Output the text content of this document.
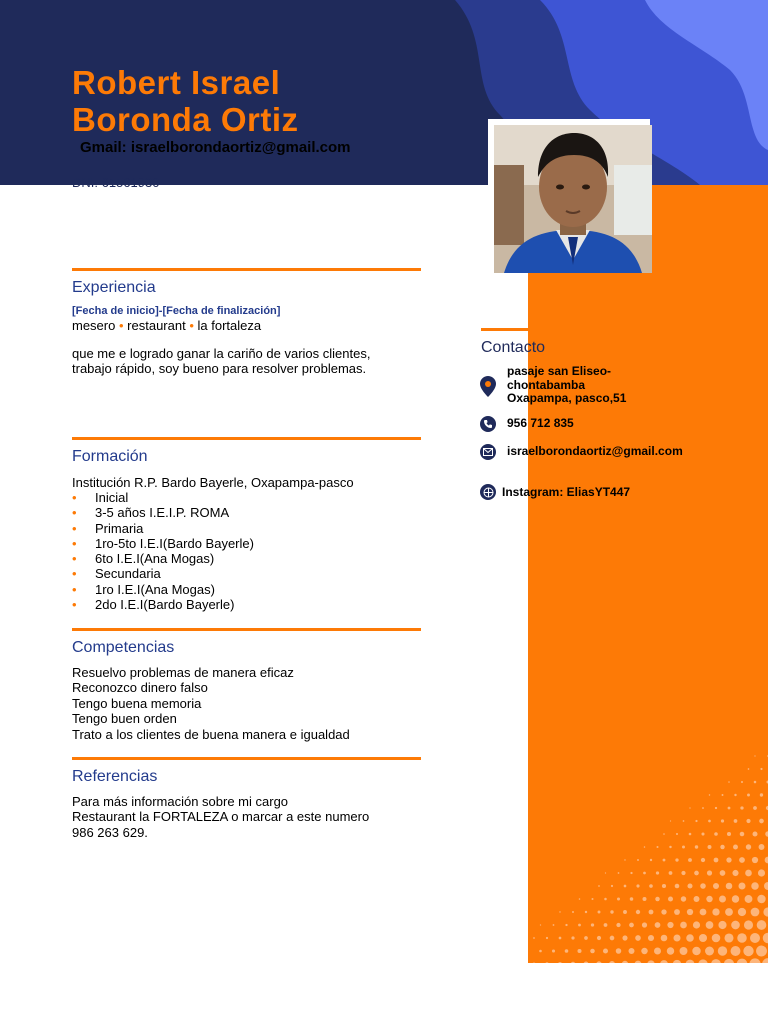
Robert Israel
Boronda Ortiz
Gmail: israelborondaortiz@gmail.com
DNI: 61561930
Experiencia
[Fecha de inicio]-[Fecha de finalización]
mesero • restaurant • la fortaleza
que me e logrado ganar la cariño de varios clientes,
trabajo rápido, soy bueno para resolver problemas.
Formación
Institución R.P. Bardo Bayerle, Oxapampa-pasco
• Inicial
• 3-5 años I.E.I.P. ROMA
• Primaria
• 1ro-5to I.E.I(Bardo Bayerle)
• 6to I.E.I(Ana Mogas)
• Secundaria
• 1ro I.E.I(Ana Mogas)
• 2do I.E.I(Bardo Bayerle)
Competencias
Resuelvo problemas de manera eficaz
Reconozco dinero falso
Tengo buena memoria
Tengo buen orden
Trato a los clientes de buena manera e igualdad
Referencias
Para más información sobre mi cargo
Restaurant la FORTALEZA o marcar a este numero
986 263 629.
Contacto
pasaje san Eliseo-
chontabamba
Oxapampa, pasco,51
956 712 835
israelborondaortiz@gmail.com
Instagram: EliasYT447
